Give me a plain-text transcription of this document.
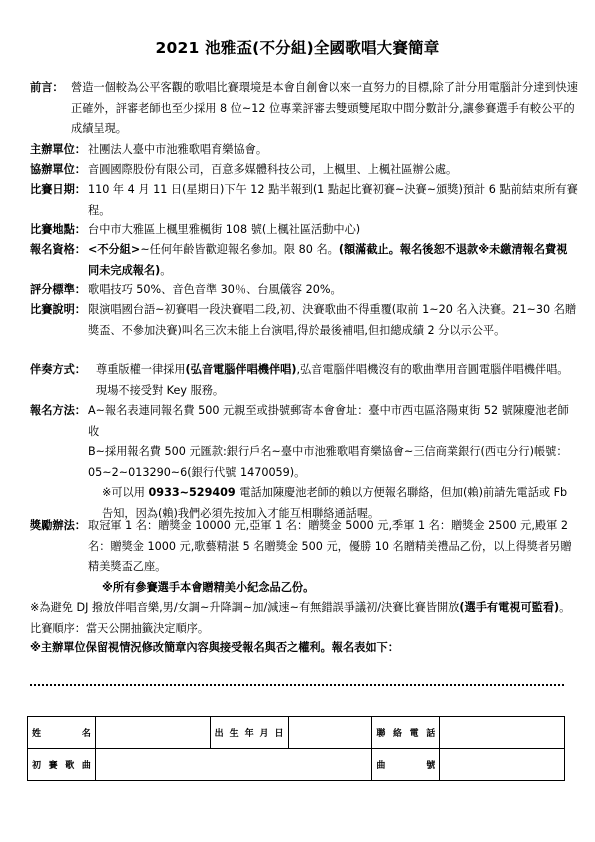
2021 池雅盃(不分組)全國歌唱大賽簡章
前言： 營造一個較為公平客觀的歌唱比賽環境是本會自創會以來一直努力的目標,除了計分用電腦計分達到快速正確外，評審老師也至少採用 8 位~12 位專業評審去雙頭雙尾取中間分數計分,讓參賽選手有較公平的成績呈現。
主辦單位： 社團法人臺中市池雅歌唱育樂協會。
協辦單位： 音圓國際股份有限公司，百意多媒體科技公司，上楓里、上楓社區辦公處。
比賽日期： 110 年 4 月 11 日(星期日)下午 12 點半報到(1 點起比賽初賽~決賽~頒獎)預計 6 點前結束所有賽程。
比賽地點： 台中市大雅區上楓里雅楓街 108 號(上楓社區活動中心)
報名資格： <不分組>~任何年齡皆歡迎報名參加。限 80 名。(額滿截止。報名後恕不退款※未繳清報名費視同未完成報名)。
評分標準： 歌唱技巧 50%、音色音準 30％、台風儀容 20%。
比賽說明： 限演唱國台語~初賽唱一段決賽唱二段,初、決賽歌曲不得重覆(取前 1~20 名入決賽。21~30 名贈獎盃、不參加決賽)叫名三次未能上台演唱,得於最後補唱,但扣總成績 2 分以示公平。
伴奏方式： 尊重版權一律採用(弘音電腦伴唱機伴唱),弘音電腦伴唱機沒有的歌曲準用音圓電腦伴唱機伴唱。現場不接受對 Key 服務。
報名方法： A~報名表連同報名費 500 元親至或掛號郵寄本會會址：臺中市西屯區洛陽東街 52 號陳慶池老師收

B~採用報名費 500 元匯款:銀行戶名~臺中市池雅歌唱育樂協會~三信商業銀行(西屯分行)帳號：05~2~013290~6(銀行代號 1470059)。

※可以用 0933~529409 電話加陳慶池老師的賴以方便報名聯絡，但加(賴)前請先電話或 Fb 告知，因為(賴)我們必須先按加入才能互相聯絡通話喔。

獎勵辦法： 取冠軍 1 名：贈獎金 10000 元,亞軍 1 名：贈獎金 5000 元,季軍 1 名：贈獎金 2500 元,殿軍 2 名：贈獎金 1000 元,歌藝精湛 5 名贈獎金 500 元，優勝 10 名贈精美禮品乙份，以上得獎者另贈精美獎盃乙座。

※所有參賽選手本會贈精美小紀念品乙份。

※為避免 DJ 撥放伴唱音樂,男/女調~升降調~加/減速~有無錯誤爭議初/決賽比賽皆開放(選手有電視可監看)。比賽順序：當天公開抽籤決定順序。
※主辦單位保留視情況修改簡章內容與接受報名與否之權利。報名表如下：
姓 名		出生年月日		聯絡電話	
初賽歌曲				曲 號	
